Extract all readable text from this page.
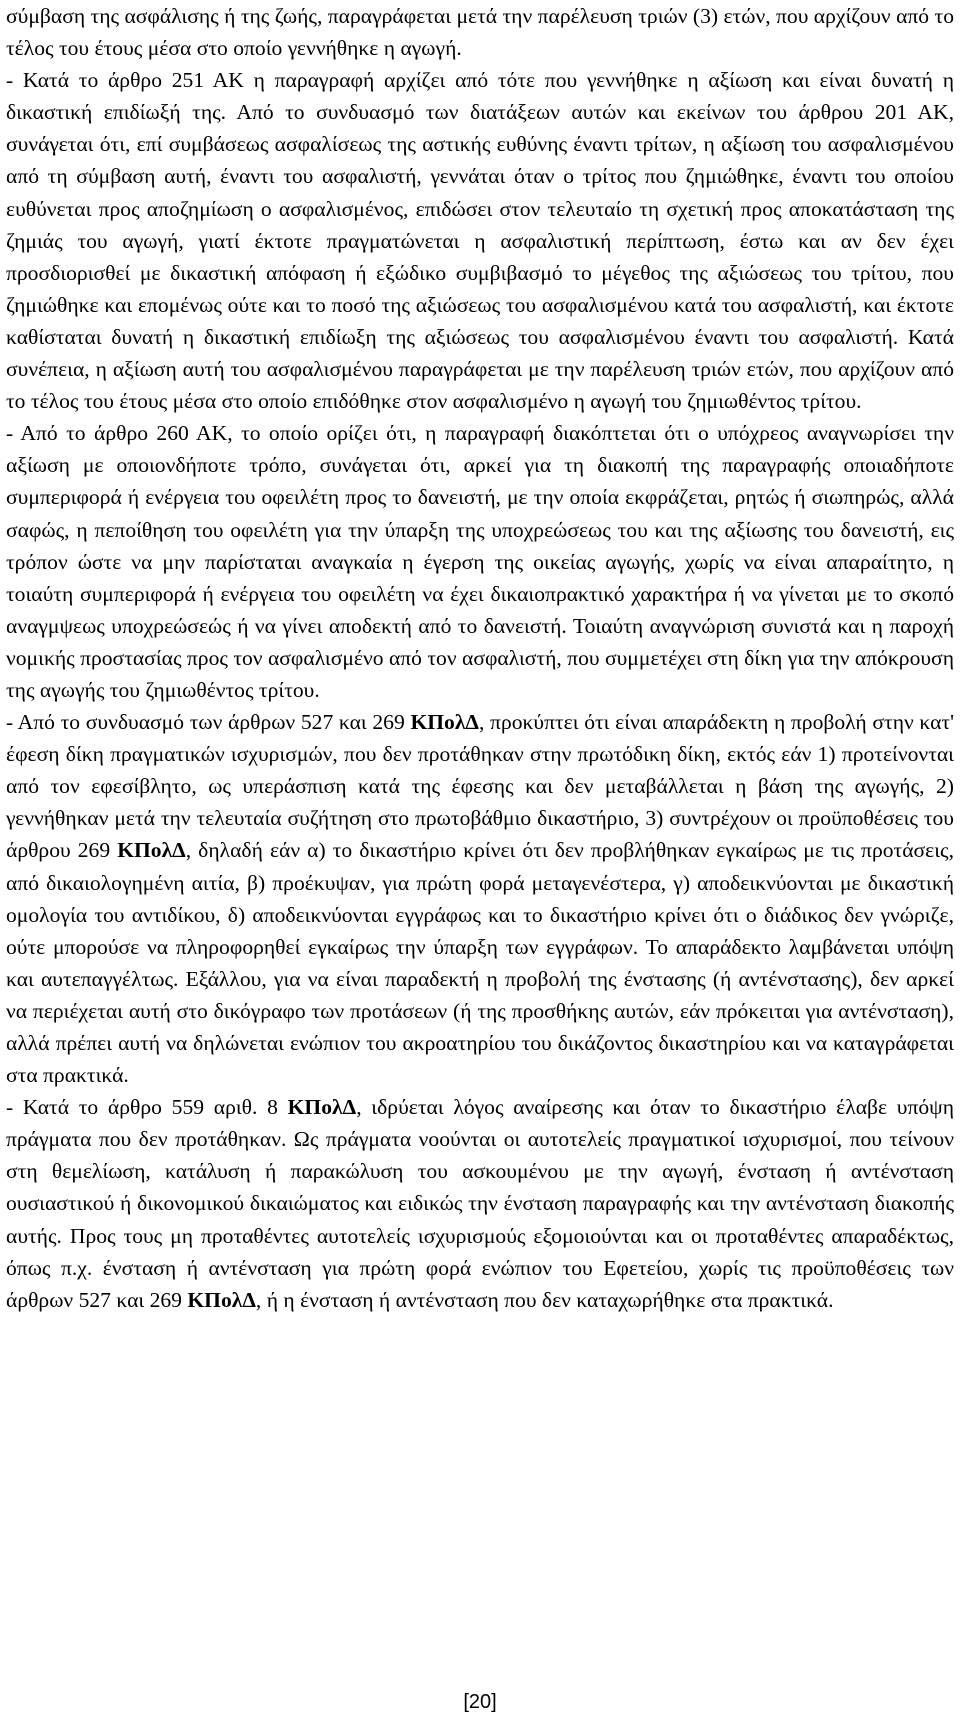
σύμβαση της ασφάλισης ή της ζωής, παραγράφεται μετά την παρέλευση τριών (3) ετών, που αρχίζουν από το τέλος του έτους μέσα στο οποίο γεννήθηκε η αγωγή.

- Κατά το άρθρο 251 ΑΚ η παραγραφή αρχίζει από τότε που γεννήθηκε η αξίωση και είναι δυνατή η δικαστική επιδίωξή της. Από το συνδυασμό των διατάξεων αυτών και εκείνων του άρθρου 201 ΑΚ, συνάγεται ότι, επί συμβάσεως ασφαλίσεως της αστικής ευθύνης έναντι τρίτων, η αξίωση του ασφαλισμένου από τη σύμβαση αυτή, έναντι του ασφαλιστή, γεννάται όταν ο τρίτος που ζημιώθηκε, έναντι του οποίου ευθύνεται προς αποζημίωση ο ασφαλισμένος, επιδώσει στον τελευταίο τη σχετική προς αποκατάσταση της ζημιάς του αγωγή, γιατί έκτοτε πραγματώνεται η ασφαλιστική περίπτωση, έστω και αν δεν έχει προσδιορισθεί με δικαστική απόφαση ή εξώδικο συμβιβασμό το μέγεθος της αξιώσεως του τρίτου, που ζημιώθηκε και επομένως ούτε και το ποσό της αξιώσεως του ασφαλισμένου κατά του ασφαλιστή, και έκτοτε καθίσταται δυνατή η δικαστική επιδίωξη της αξιώσεως του ασφαλισμένου έναντι του ασφαλιστή. Κατά συνέπεια, η αξίωση αυτή του ασφαλισμένου παραγράφεται με την παρέλευση τριών ετών, που αρχίζουν από το τέλος του έτους μέσα στο οποίο επιδόθηκε στον ασφαλισμένο η αγωγή του ζημιωθέντος τρίτου.

- Από το άρθρο 260 ΑΚ, το οποίο ορίζει ότι, η παραγραφή διακόπτεται ότι ο υπόχρεος αναγνωρίσει την αξίωση με οποιονδήποτε τρόπο, συνάγεται ότι, αρκεί για τη διακοπή της παραγραφής οποιαδήποτε συμπεριφορά ή ενέργεια του οφειλέτη προς το δανειστή, με την οποία εκφράζεται, ρητώς ή σιωπηρώς, αλλά σαφώς, η πεποίθηση του οφειλέτη για την ύπαρξη της υποχρεώσεως του και της αξίωσης του δανειστή, εις τρόπον ώστε να μην παρίσταται αναγκαία η έγερση της οικείας αγωγής, χωρίς να είναι απαραίτητο, η τοιαύτη συμπεριφορά ή ενέργεια του οφειλέτη να έχει δικαιοπρακτικό χαρακτήρα ή να γίνεται με το σκοπό αναγμψεως υποχρεώσεώς ή να γίνει αποδεκτή από το δανειστή. Τοιαύτη αναγνώριση συνιστά και η παροχή νομικής προστασίας προς τον ασφαλισμένο από τον ασφαλιστή, που συμμετέχει στη δίκη για την απόκρουση της αγωγής του ζημιωθέντος τρίτου.

- Από το συνδυασμό των άρθρων 527 και 269 ΚΠολΔ, προκύπτει ότι είναι απαράδεκτη η προβολή στην κατ' έφεση δίκη πραγματικών ισχυρισμών, που δεν προτάθηκαν στην πρωτόδικη δίκη, εκτός εάν 1) προτείνονται από τον εφεσίβλητο, ως υπεράσπιση κατά της έφεσης και δεν μεταβάλλεται η βάση της αγωγής, 2) γεννήθηκαν μετά την τελευταία συζήτηση στο πρωτοβάθμιο δικαστήριο, 3) συντρέχουν οι προϋποθέσεις του άρθρου 269 ΚΠολΔ, δηλαδή εάν α) το δικαστήριο κρίνει ότι δεν προβλήθηκαν εγκαίρως με τις προτάσεις, από δικαιολογημένη αιτία, β) προέκυψαν, για πρώτη φορά μεταγενέστερα, γ) αποδεικνύονται με δικαστική ομολογία του αντιδίκου, δ) αποδεικνύονται εγγράφως και το δικαστήριο κρίνει ότι ο διάδικος δεν γνώριζε, ούτε μπορούσε να πληροφορηθεί εγκαίρως την ύπαρξη των εγγράφων. Το απαράδεκτο λαμβάνεται υπόψη και αυτεπαγγέλτως. Εξάλλου, για να είναι παραδεκτή η προβολή της ένστασης (ή αντένστασης), δεν αρκεί να περιέχεται αυτή στο δικόγραφο των προτάσεων (ή της προσθήκης αυτών, εάν πρόκειται για αντένσταση), αλλά πρέπει αυτή να δηλώνεται ενώπιον του ακροατηρίου του δικάζοντος δικαστηρίου και να καταγράφεται στα πρακτικά.

- Κατά το άρθρο 559 αριθ. 8 ΚΠολΔ, ιδρύεται λόγος αναίρεσης και όταν το δικαστήριο έλαβε υπόψη πράγματα που δεν προτάθηκαν. Ως πράγματα νοούνται οι αυτοτελείς πραγματικοί ισχυρισμοί, που τείνουν στη θεμελίωση, κατάλυση ή παρακώλυση του ασκουμένου με την αγωγή, ένσταση ή αντένσταση ουσιαστικού ή δικονομικού δικαιώματος και ειδικώς την ένσταση παραγραφής και την αντένσταση διακοπής αυτής. Προς τους μη προταθέντες αυτοτελείς ισχυρισμούς εξομοιούνται και οι προταθέντες απαραδέκτως, όπως π.χ. ένσταση ή αντένσταση για πρώτη φορά ενώπιον του Εφετείου, χωρίς τις προϋποθέσεις των άρθρων 527 και 269 ΚΠολΔ, ή η ένσταση ή αντένσταση που δεν καταχωρήθηκε στα πρακτικά.

[20]
